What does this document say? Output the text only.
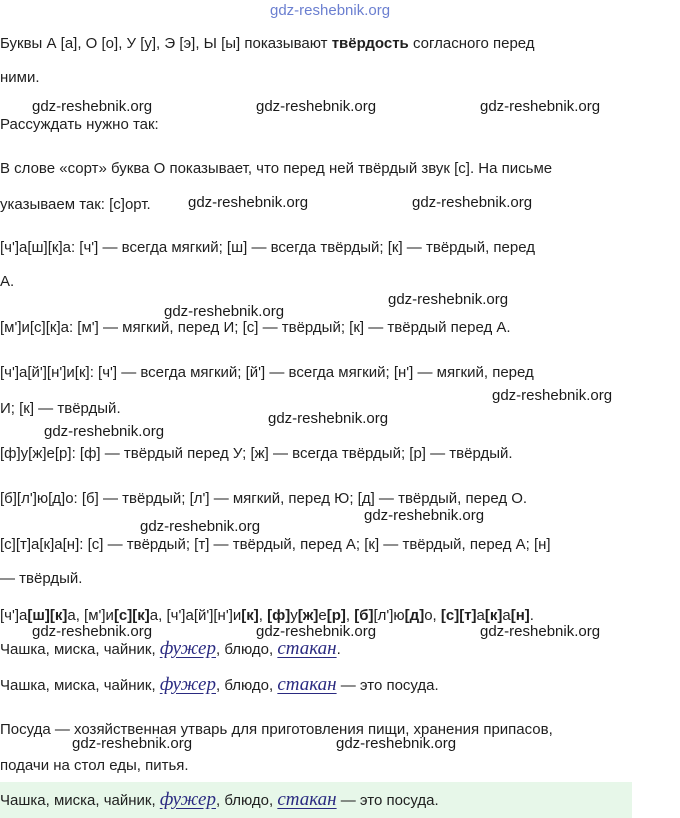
gdz-reshebnik.org
Буквы А [а], О [о], У [у], Э [э], Ы [ы] показывают твёрдость согласного перед
ними.
Рассуждать нужно так:
В слове «сорт» буква О показывает, что перед ней твёрдый звук [с]. На письме
указываем так: [с]орт.
[ч']а[ш][к]а: [ч'] — всегда мягкий; [ш] — всегда твёрдый; [к] — твёрдый, перед
А.
[м']и[с][к]а: [м'] — мягкий, перед И; [с] — твёрдый; [к] — твёрдый перед А.
[ч']а[й'][н']и[к]: [ч'] — всегда мягкий; [й'] — всегда мягкий; [н'] — мягкий, перед
И; [к] — твёрдый.
[ф]у[ж]е[р]: [ф] — твёрдый перед У; [ж] — всегда твёрдый; [р] — твёрдый.
[б][л']ю[д]о: [б] — твёрдый; [л'] — мягкий, перед Ю; [д] — твёрдый, перед О.
[с][т]а[к]а[н]: [с] — твёрдый; [т] — твёрдый, перед А; [к] — твёрдый, перед А; [н]
— твёрдый.
[ч']а[ш][к]а, [м']и[с][к]а, [ч']а[й'][н']и[к], [ф]у[ж]е[р], [б][л']ю[д]о, [с][т]а[к]а[н].
Чашка, миска, чайник, фужер, блюдо, стакан.
Чашка, миска, чайник, фужер, блюдо, стакан — это посуда.
Посуда — хозяйственная утварь для приготовления пищи, хранения припасов,
подачи на стол еды, питья.
Чашка, миска, чайник, фужер, блюдо, стакан — это посуда.
gdz-reshebnik.org	gdz-reshebnik.org	gdz-reshebnik.org
gdz-reshebnik.org	gdz-reshebnik.org
gdz-reshebnik.org
gdz-reshebnik.org
gdz-reshebnik.org
gdz-reshebnik.org
gdz-reshebnik.org
gdz-reshebnik.org
gdz-reshebnik.org
gdz-reshebnik.org	gdz-reshebnik.org	gdz-reshebnik.org
gdz-reshebnik.org	gdz-reshebnik.org
